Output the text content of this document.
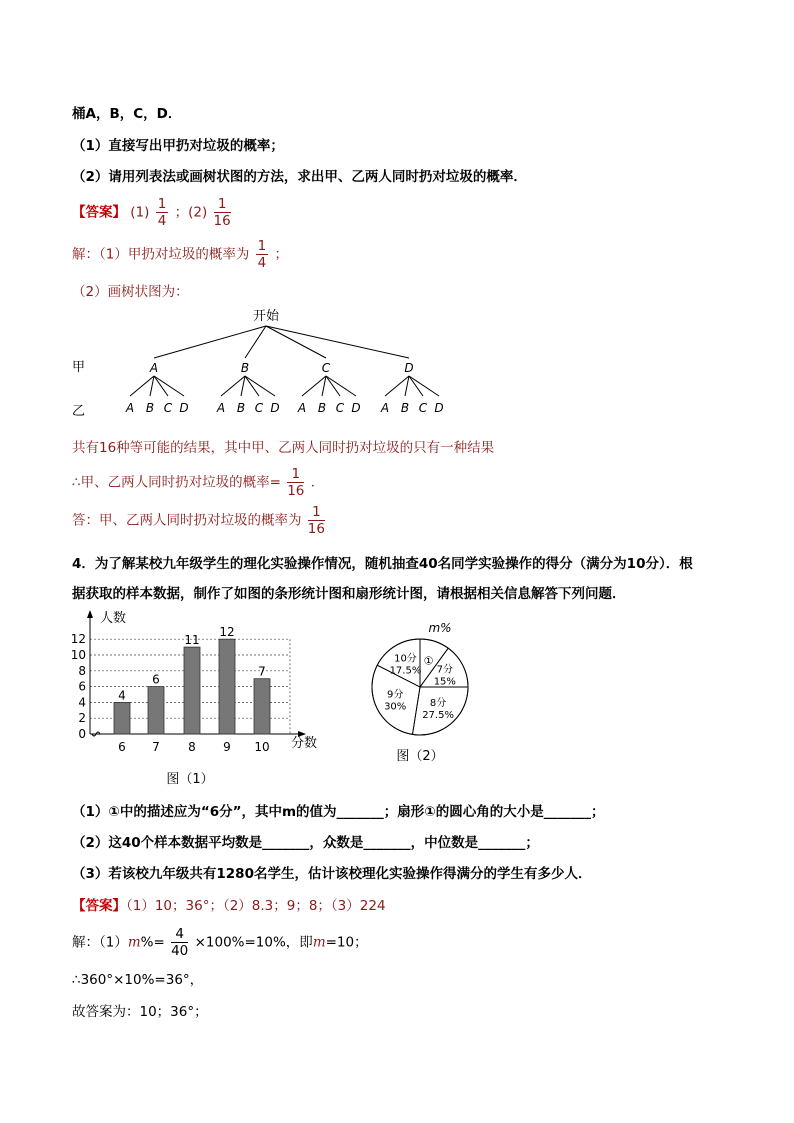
桶A，B，C，D．
（1）直接写出甲扔对垃圾的概率；
（2）请用列表法或画树状图的方法，求出甲、乙两人同时扔对垃圾的概率．
【答案】 $(1) \frac{1}{4}$ ；$(2) \frac{1}{16}$
解：（1）甲扔对垃圾的概率为 $\frac{1}{4}$ ；
（2）画树状图为：
开始
甲
乙
A
A B C D
B
A B C D
C
A B C D
D
A B C D
共有16种等可能的结果，其中甲、乙两人同时扔对垃圾的只有一种结果
∴甲、乙两人同时扔对垃圾的概率= $\frac{1}{16}$ ．
答：甲、乙两人同时扔对垃圾的概率为 $\frac{1}{16}$
4．为了解某校九年级学生的理化实验操作情况，随机抽查40名同学实验操作的得分（满分为10分）．根
据获取的样本数据，制作了如图的条形统计图和扇形统计图，请根据相关信息解答下列问题．
0
2
4
6
8
10
12
人数
分数
4
6
6
7
11
8
12
9
7
10
图（1）
m%
①
7分
15%
8分
27.5%
9分
30%
10分
17.5%
图（2）
（1）①中的描述应为“6分”，其中m的值为_______；扇形①的圆心角的大小是_______；
（2）这40个样本数据平均数是_______，众数是_______，中位数是_______；
（3）若该校九年级共有1280名学生，估计该校理化实验操作得满分的学生有多少人．
【答案】（1）10；36°；（2）8.3；9；8；（3）224
解：$(1)m\%= \frac{4}{40} \times 100\%=10\%$，即m=10；
∴360°×10%=36°，
故答案为：10；36°；
